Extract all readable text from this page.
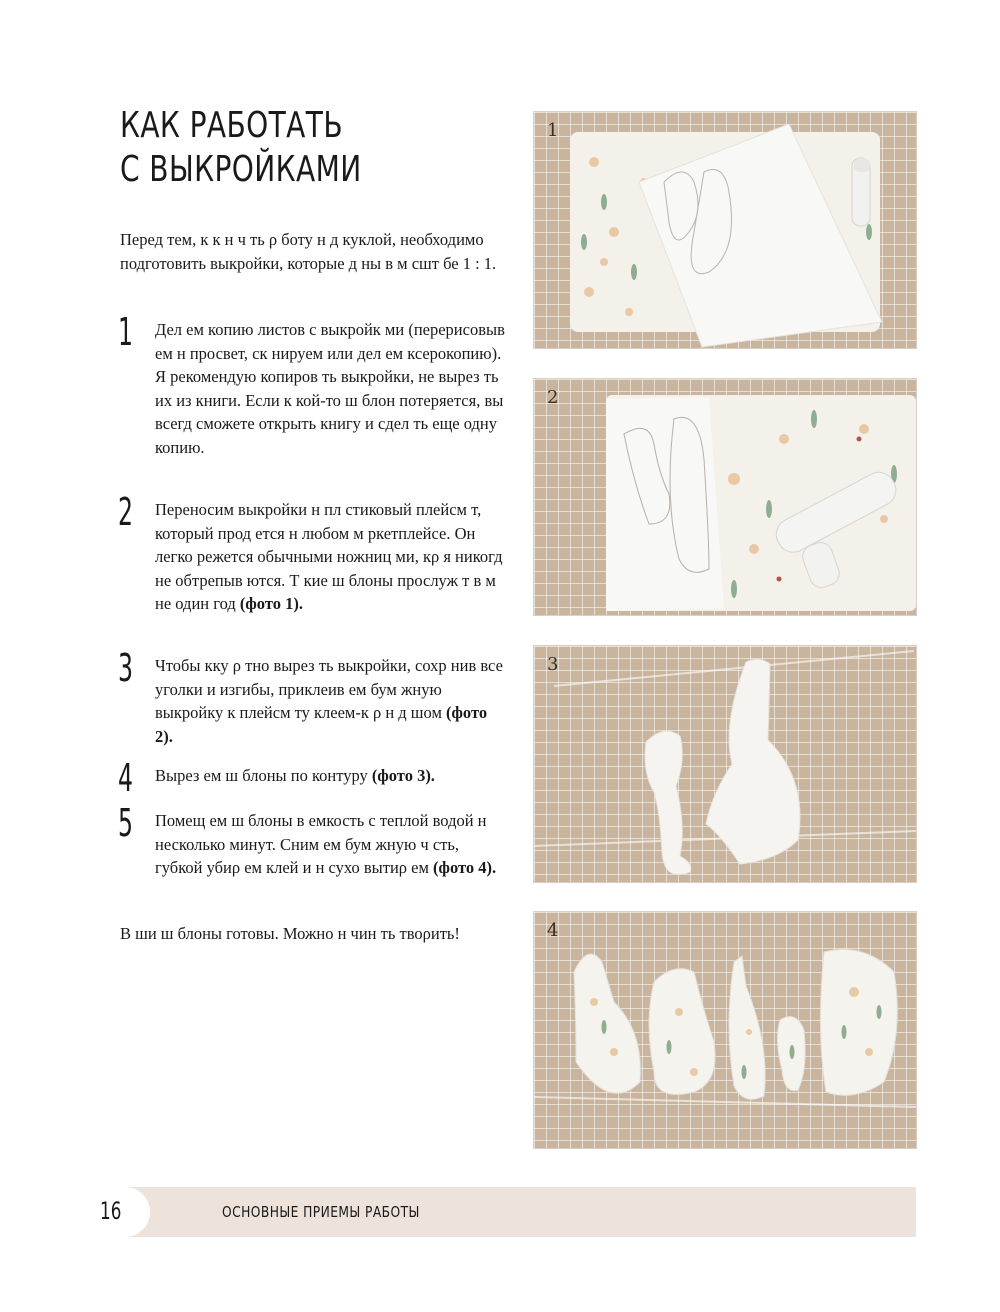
КАК РАБОТАТЬ
С ВЫКРОЙКАМИ

Перед тем, к к н ч ть ρ боту н д куклой, необходимо подготовить выкройки, которые д ны в м сшт бе 1 : 1.

1 Дел ем копию листов с выкройк ми (перерисовыв ем н просвет, ск нируем или дел ем ксерокопию). Я рекомендую копиров ть выкройки, не вырез ть их из книги. Если к кой-то ш блон потеряется, вы всегд сможете открыть книгу и сдел ть еще одну копию.
2 Переносим выкройки н пл стиковый плейсм т, который прод ется н любом м ркетплейсе. Он легко режется обычными ножниц ми, кρ я никогд не обтрепыв ются. Т кие ш блоны прослуж т в м не один год (фото 1).
3 Чтобы кку ρ тно вырез ть выкройки, сохр нив все уголки и изгибы, приклеив ем бум жную выкройку к плейсм ту клеем-к ρ н д шом (фото 2).
4 Вырез ем ш блоны по контуру (фото 3).
5 Помещ ем ш блоны в емкость с теплой водой н несколько минут. Сним ем бум жную ч сть, губкой убиρ ем клей и н сухо вытиρ ем (фото 4).

В ши ш блоны готовы. Можно н чин ть твоρить!

1
2
3
4
16	ОСНОВНЫЕ ПРИЕМЫ РАБОТЫ
